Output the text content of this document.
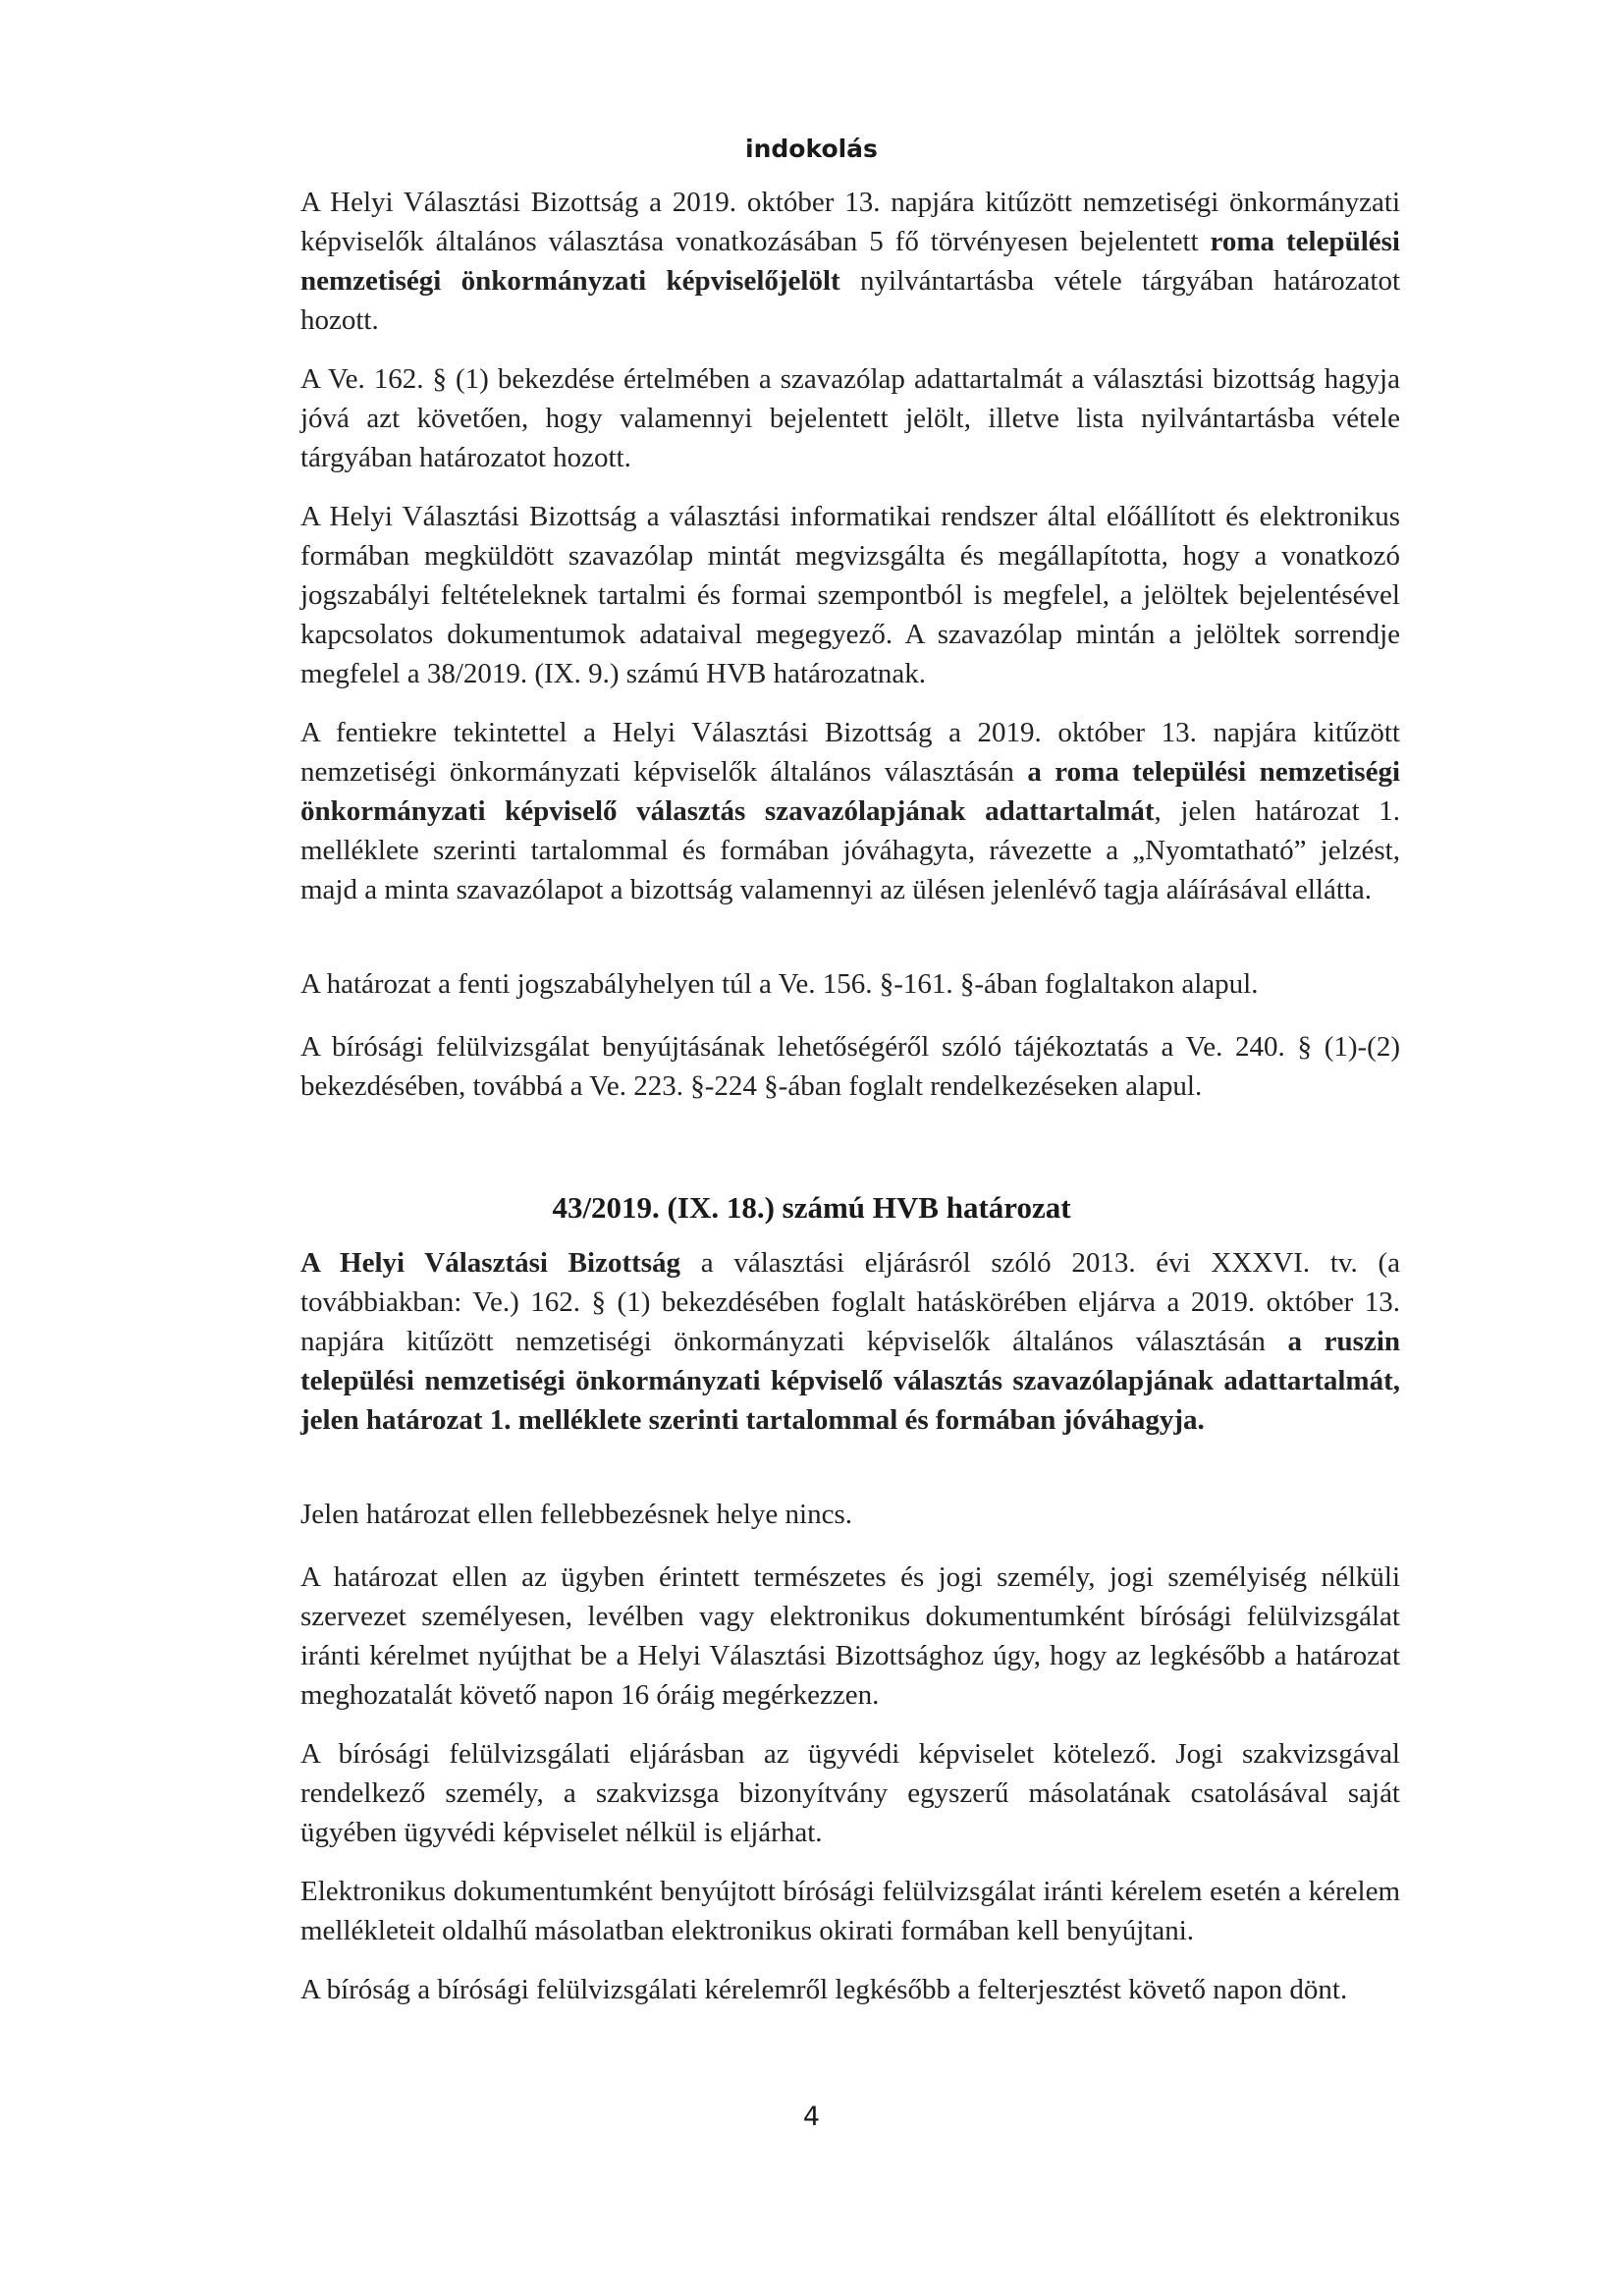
indokolás
A Helyi Választási Bizottság a 2019. október 13. napjára kitűzött nemzetiségi önkormányzati képviselők általános választása vonatkozásában 5 fő törvényesen bejelentett roma települési nemzetiségi önkormányzati képviselőjelölt nyilvántartásba vétele tárgyában határozatot hozott.
A Ve. 162. § (1) bekezdése értelmében a szavazólap adattartalmát a választási bizottság hagyja jóvá azt követően, hogy valamennyi bejelentett jelölt, illetve lista nyilvántartásba vétele tárgyában határozatot hozott.
A Helyi Választási Bizottság a választási informatikai rendszer által előállított és elektronikus formában megküldött szavazólap mintát megvizsgálta és megállapította, hogy a vonatkozó jogszabályi feltételeknek tartalmi és formai szempontból is megfelel, a jelöltek bejelentésével kapcsolatos dokumentumok adataival megegyező. A szavazólap mintán a jelöltek sorrendje megfelel a 38/2019. (IX. 9.) számú HVB határozatnak.
A fentiekre tekintettel a Helyi Választási Bizottság a 2019. október 13. napjára kitűzött nemzetiségi önkormányzati képviselők általános választásán a roma települési nemzetiségi önkormányzati képviselő választás szavazólapjának adattartalmát, jelen határozat 1. melléklete szerinti tartalommal és formában jóváhagyta, rávezette a „Nyomtatható” jelzést, majd a minta szavazólapot a bizottság valamennyi az ülésen jelenlévő tagja aláírásával ellátta.
A határozat a fenti jogszabályhelyen túl a Ve. 156. §-161. §-ában foglaltakon alapul.
A bírósági felülvizsgálat benyújtásának lehetőségéről szóló tájékoztatás a Ve. 240. § (1)-(2) bekezdésében, továbbá a Ve. 223. §-224 §-ában foglalt rendelkezéseken alapul.
43/2019. (IX. 18.) számú HVB határozat
A Helyi Választási Bizottság a választási eljárásról szóló 2013. évi XXXVI. tv. (a továbbiakban: Ve.) 162. § (1) bekezdésében foglalt hatáskörében eljárva a 2019. október 13. napjára kitűzött nemzetiségi önkormányzati képviselők általános választásán a ruszin települési nemzetiségi önkormányzati képviselő választás szavazólapjának adattartalmát, jelen határozat 1. melléklete szerinti tartalommal és formában jóváhagyja.
Jelen határozat ellen fellebbezésnek helye nincs.
A határozat ellen az ügyben érintett természetes és jogi személy, jogi személyiség nélküli szervezet személyesen, levélben vagy elektronikus dokumentumként bírósági felülvizsgálat iránti kérelmet nyújthat be a Helyi Választási Bizottsághoz úgy, hogy az legkésőbb a határozat meghozatalát követő napon 16 óráig megérkezzen.
A bírósági felülvizsgálati eljárásban az ügyvédi képviselet kötelező. Jogi szakvizsgával rendelkező személy, a szakvizsga bizonyítvány egyszerű másolatának csatolásával saját ügyében ügyvédi képviselet nélkül is eljárhat.
Elektronikus dokumentumként benyújtott bírósági felülvizsgálat iránti kérelem esetén a kérelem mellékleteit oldalhű másolatban elektronikus okirati formában kell benyújtani.
A bíróság a bírósági felülvizsgálati kérelemről legkésőbb a felterjesztést követő napon dönt.
4
